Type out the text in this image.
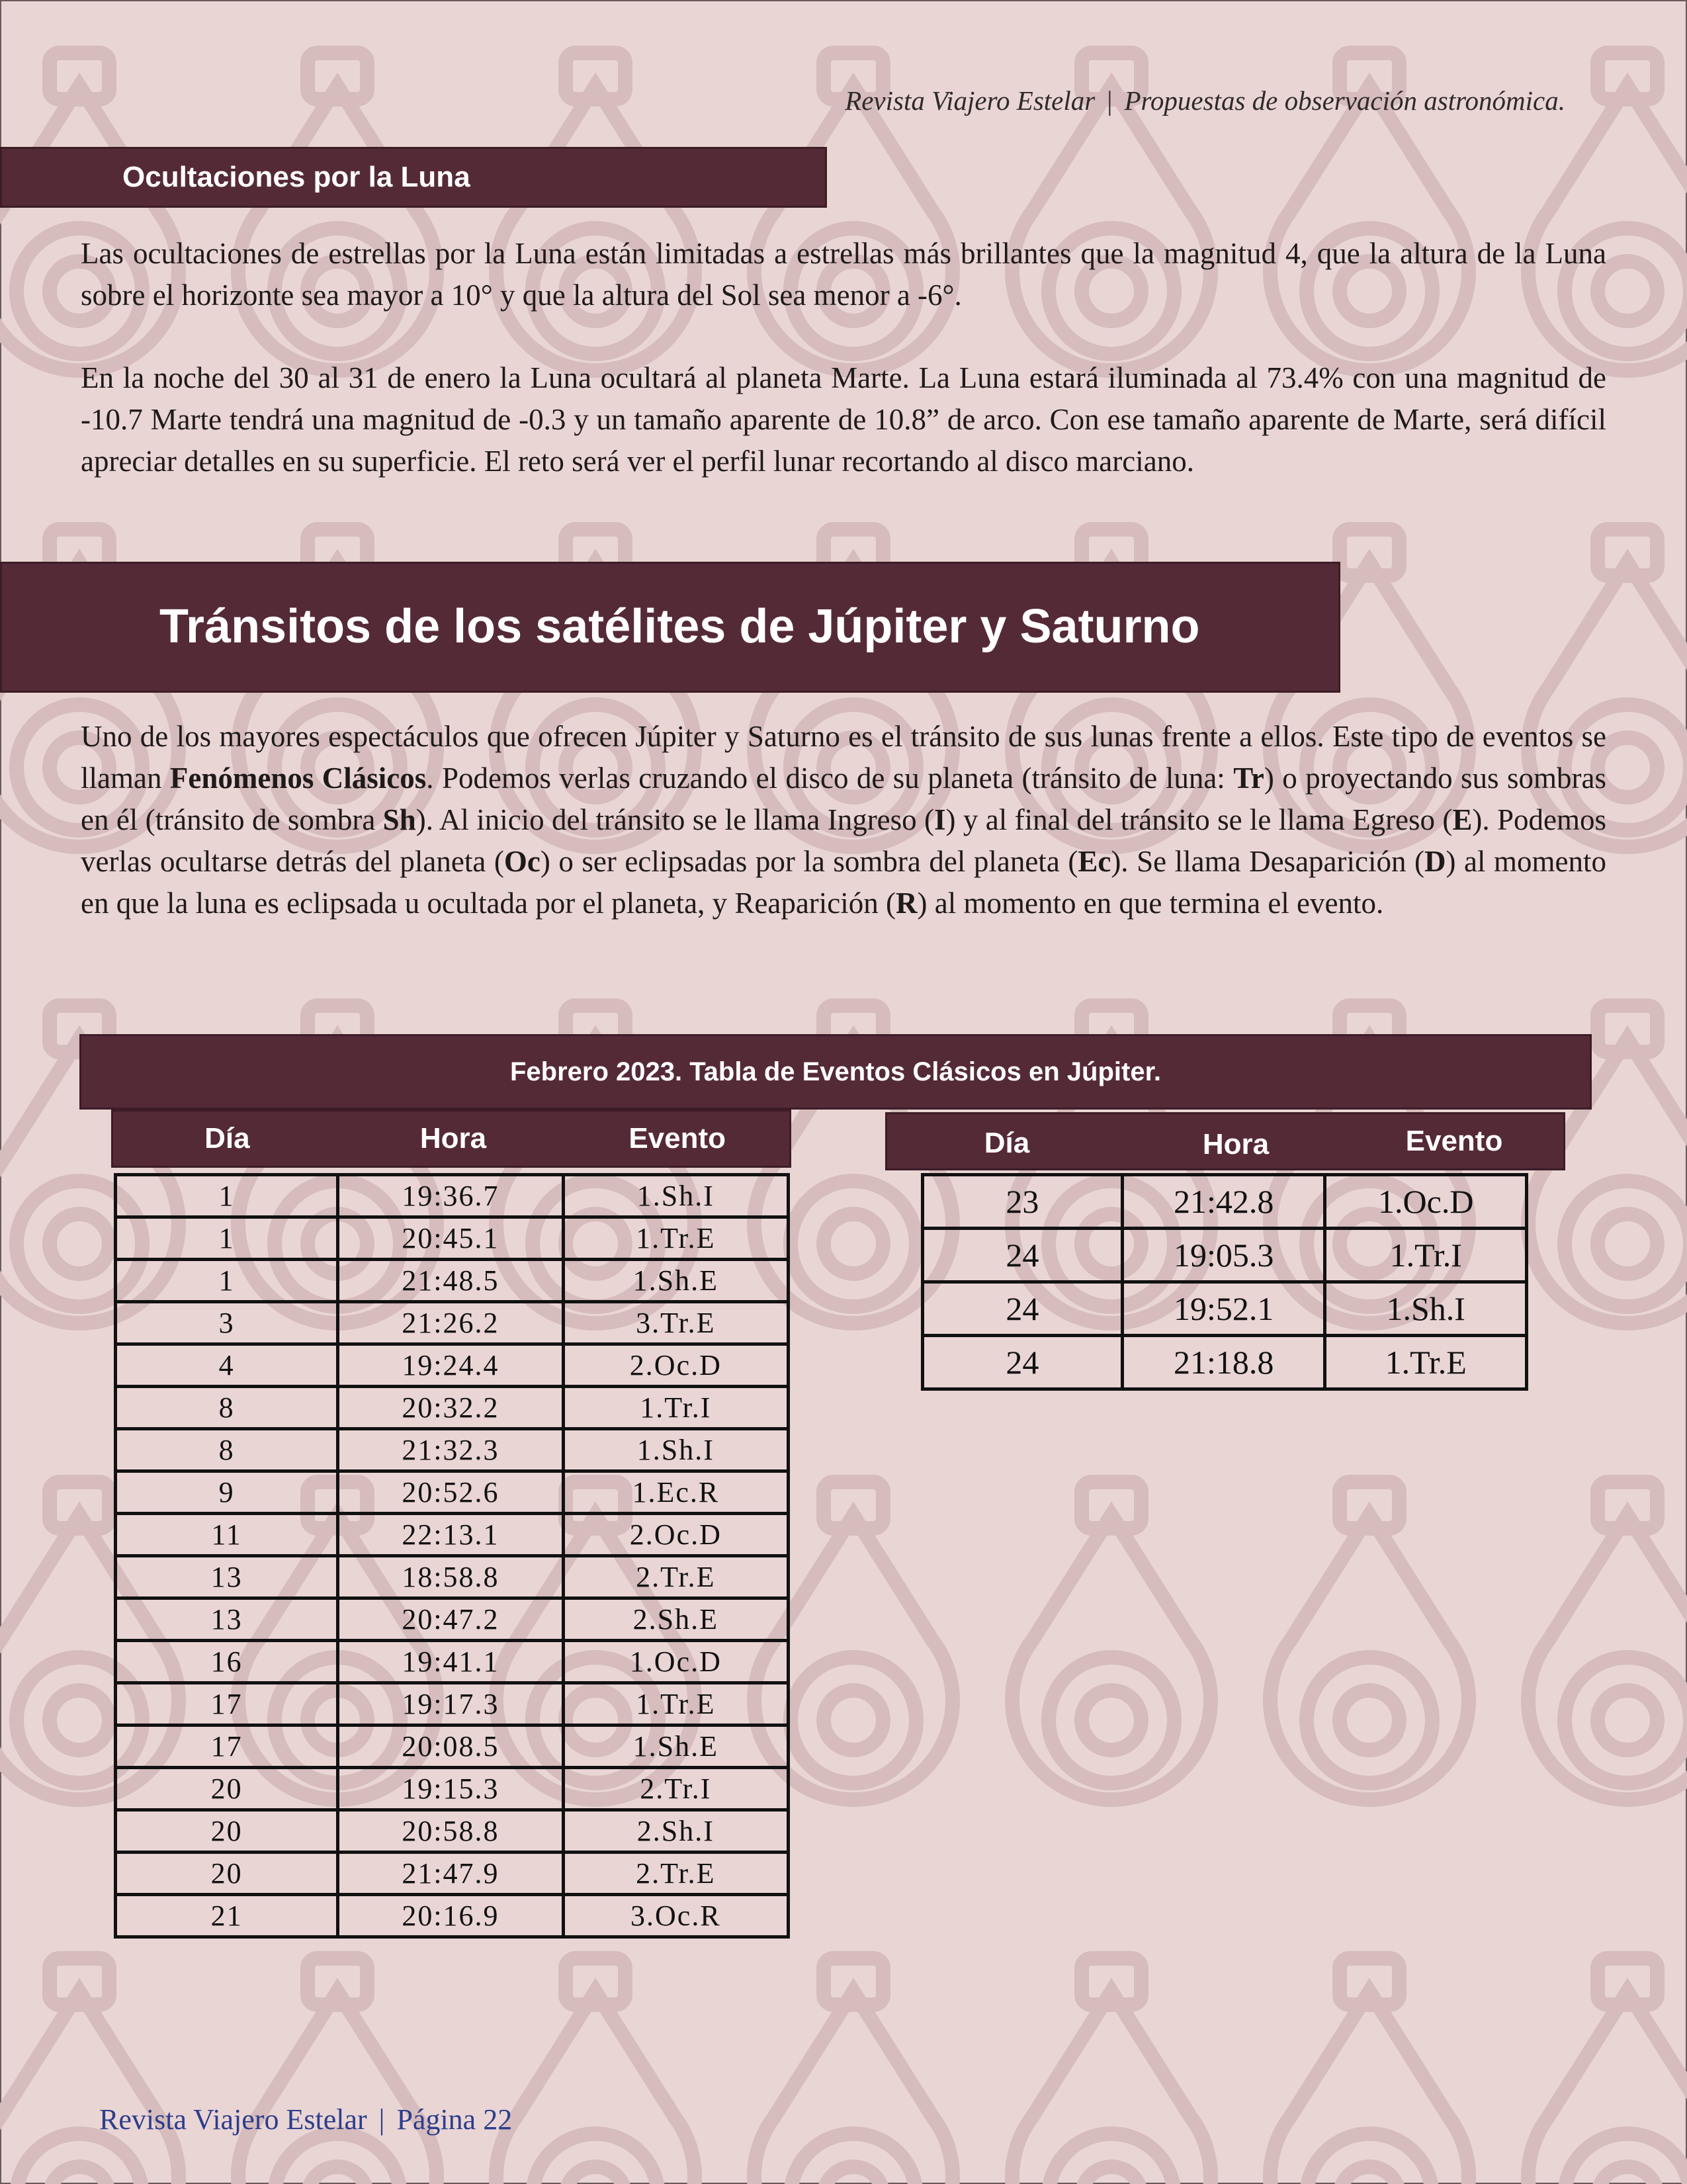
Revista Viajero Estelar | Propuestas de observación astronómica.
Ocultaciones por la Luna
Las ocultaciones de estrellas por la Luna están limitadas a estrellas más brillantes que la magnitud 4, que la altura de la Luna sobre el horizonte sea mayor a 10° y que la altura del Sol sea menor a -6°.
En la noche del 30 al 31 de enero la Luna ocultará al planeta Marte. La Luna estará iluminada al 73.4% con una magnitud de -10.7 Marte tendrá una magnitud de -0.3 y un tamaño aparente de 10.8” de arco. Con ese tamaño aparente de Marte, será difícil apreciar detalles en su superficie. El reto será ver el perfil lunar recortando al disco marciano.
Tránsitos de los satélites de Júpiter y Saturno
Uno de los mayores espectáculos que ofrecen Júpiter y Saturno es el tránsito de sus lunas frente a ellos. Este tipo de eventos se llaman Fenómenos Clásicos. Podemos verlas cruzando el disco de su planeta (tránsito de luna: Tr) o proyectando sus sombras en él (tránsito de sombra Sh). Al inicio del tránsito se le llama Ingreso (I) y al final del tránsito se le llama Egreso (E). Podemos verlas ocultarse detrás del planeta (Oc) o ser eclipsadas por la sombra del planeta (Ec). Se llama Desaparición (D) al momento en que la luna es eclipsada u ocultada por el planeta, y Reaparición (R) al momento en que termina el evento.
Febrero 2023. Tabla de Eventos Clásicos en Júpiter.
Día	Hora	Evento	Día	Hora	Evento
1	19:36.7	1.Sh.I
1	20:45.1	1.Tr.E
1	21:48.5	1.Sh.E
3	21:26.2	3.Tr.E
4	19:24.4	2.Oc.D
8	20:32.2	1.Tr.I
8	21:32.3	1.Sh.I
9	20:52.6	1.Ec.R
11	22:13.1	2.Oc.D
13	18:58.8	2.Tr.E
13	20:47.2	2.Sh.E
16	19:41.1	1.Oc.D
17	19:17.3	1.Tr.E
17	20:08.5	1.Sh.E
20	19:15.3	2.Tr.I
20	20:58.8	2.Sh.I
20	21:47.9	2.Tr.E
21	20:16.9	3.Oc.R
23	21:42.8	1.Oc.D
24	19:05.3	1.Tr.I
24	19:52.1	1.Sh.I
24	21:18.8	1.Tr.E
Revista Viajero Estelar | Página 22
